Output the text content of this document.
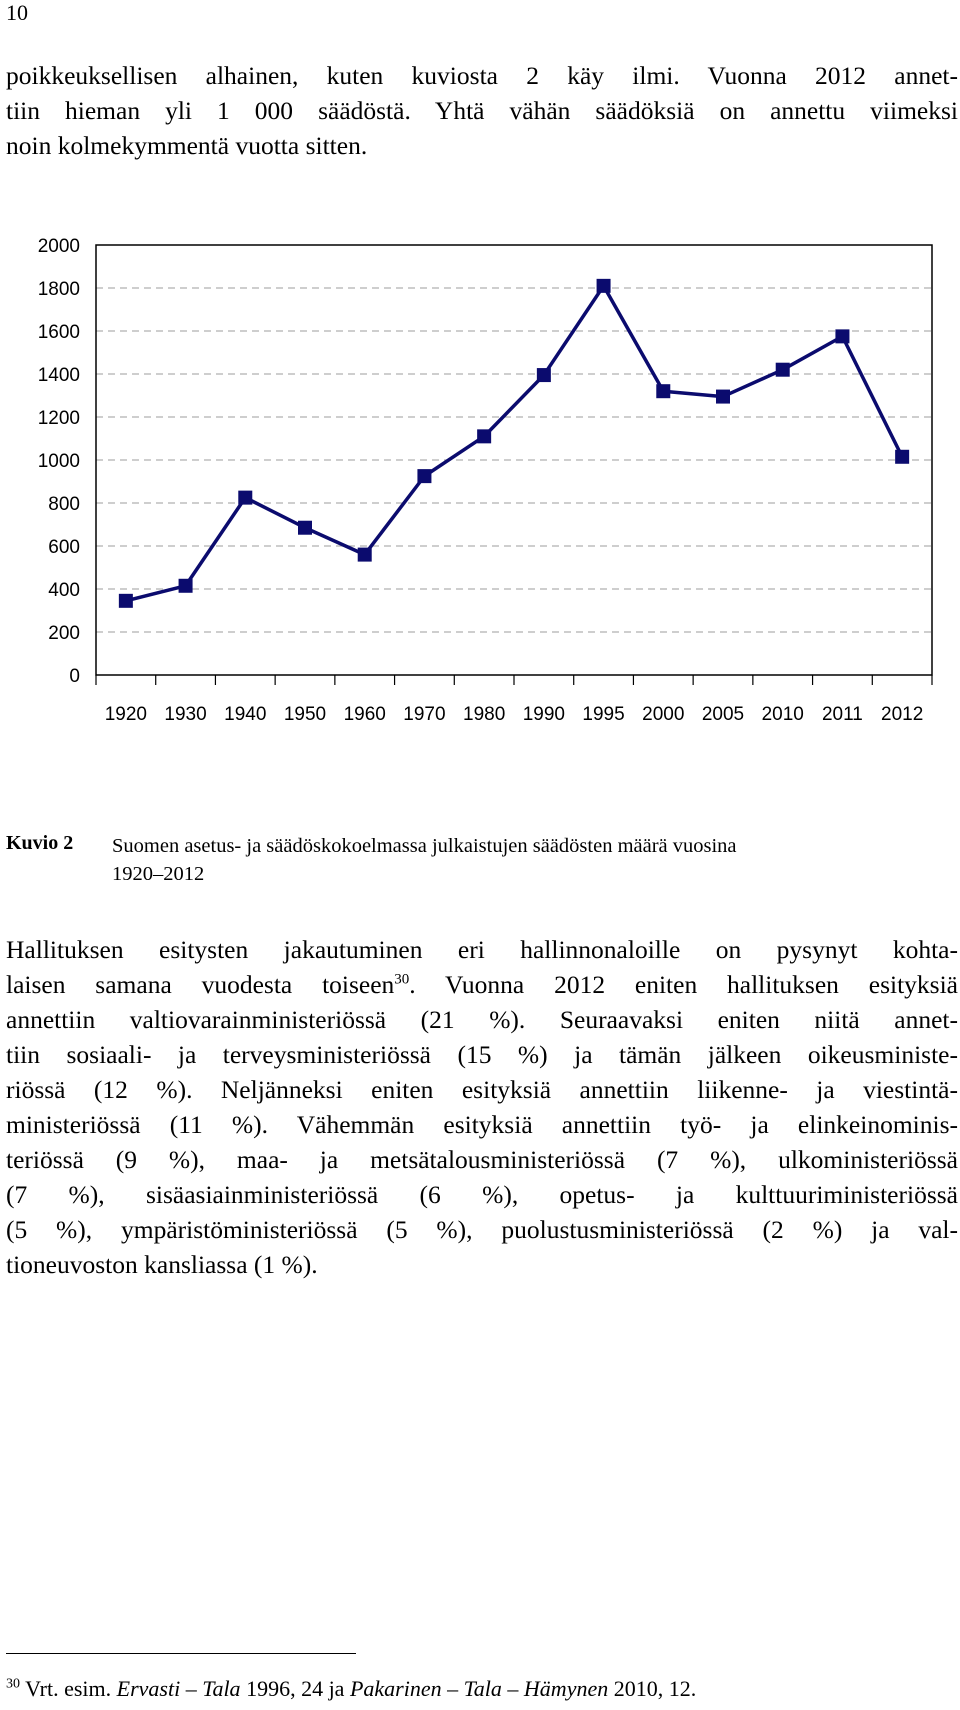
10
poikkeuksellisen alhainen, kuten kuviosta 2 käy ilmi. Vuonna 2012 annet-
tiin hieman yli 1 000 säädöstä. Yhtä vähän säädöksiä on annettu viimeksi
noin kolmekymmentä vuotta sitten.
0
200
400
600
800
1000
1200
1400
1600
1800
2000
1920 1930 1940 1950 1960 1970 1980 1990 1995 2000 2005 2010 2011 2012
Kuvio 2 Suomen asetus- ja säädöskokoelmassa julkaistujen säädösten määrä vuosina
1920–2012
Hallituksen esitysten jakautuminen eri hallinnonaloille on pysynyt kohta-
laisen samana vuodesta toiseen$^{30}$. Vuonna 2012 eniten hallituksen esityksiä
annettiin valtiovarainministeriössä (21 %). Seuraavaksi eniten niitä annet-
tiin sosiaali- ja terveysministeriössä (15 %) ja tämän jälkeen oikeusministe-
riössä (12 %). Neljänneksi eniten esityksiä annettiin liikenne- ja viestintä-
ministeriössä (11 %). Vähemmän esityksiä annettiin työ- ja elinkeinominis-
teriössä (9 %), maa- ja metsätalousministeriössä (7 %), ulkoministeriössä
(7 %), sisäasiainministeriössä (6 %), opetus- ja kulttuuriministeriössä
(5 %), ympäristöministeriössä (5 %), puolustusministeriössä (2 %) ja val-
tioneuvoston kansliassa (1 %).
$^{30}$ Vrt. esim. Ervasti – Tala 1996, 24 ja Pakarinen – Tala – Hämynen 2010, 12.
